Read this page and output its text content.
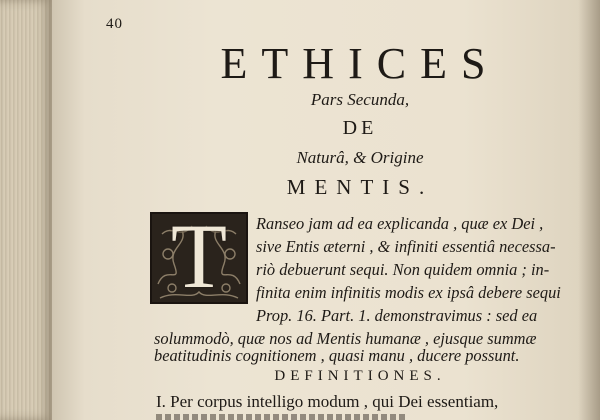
40
ETHICES
Pars Secunda,
DE
Naturâ, & Origine
MENTIS.
T	Ranseo jam ad ea explicanda , quæ ex Dei ,
sive Entis æterni , & infiniti essentiâ necessa-
riò debuerunt sequi. Non quidem omnia ; in-
finita enim infinitis modis ex ipsâ debere sequi
Prop. 16. Part. 1. demonstravimus : sed ea
solummodò, quæ nos ad Mentis humanæ , ejusque summæ
beatitudinis cognitionem , quasi manu , ducere possunt.
DEFINITIONES.
I. Per corpus intelligo modum , qui Dei essentiam,
